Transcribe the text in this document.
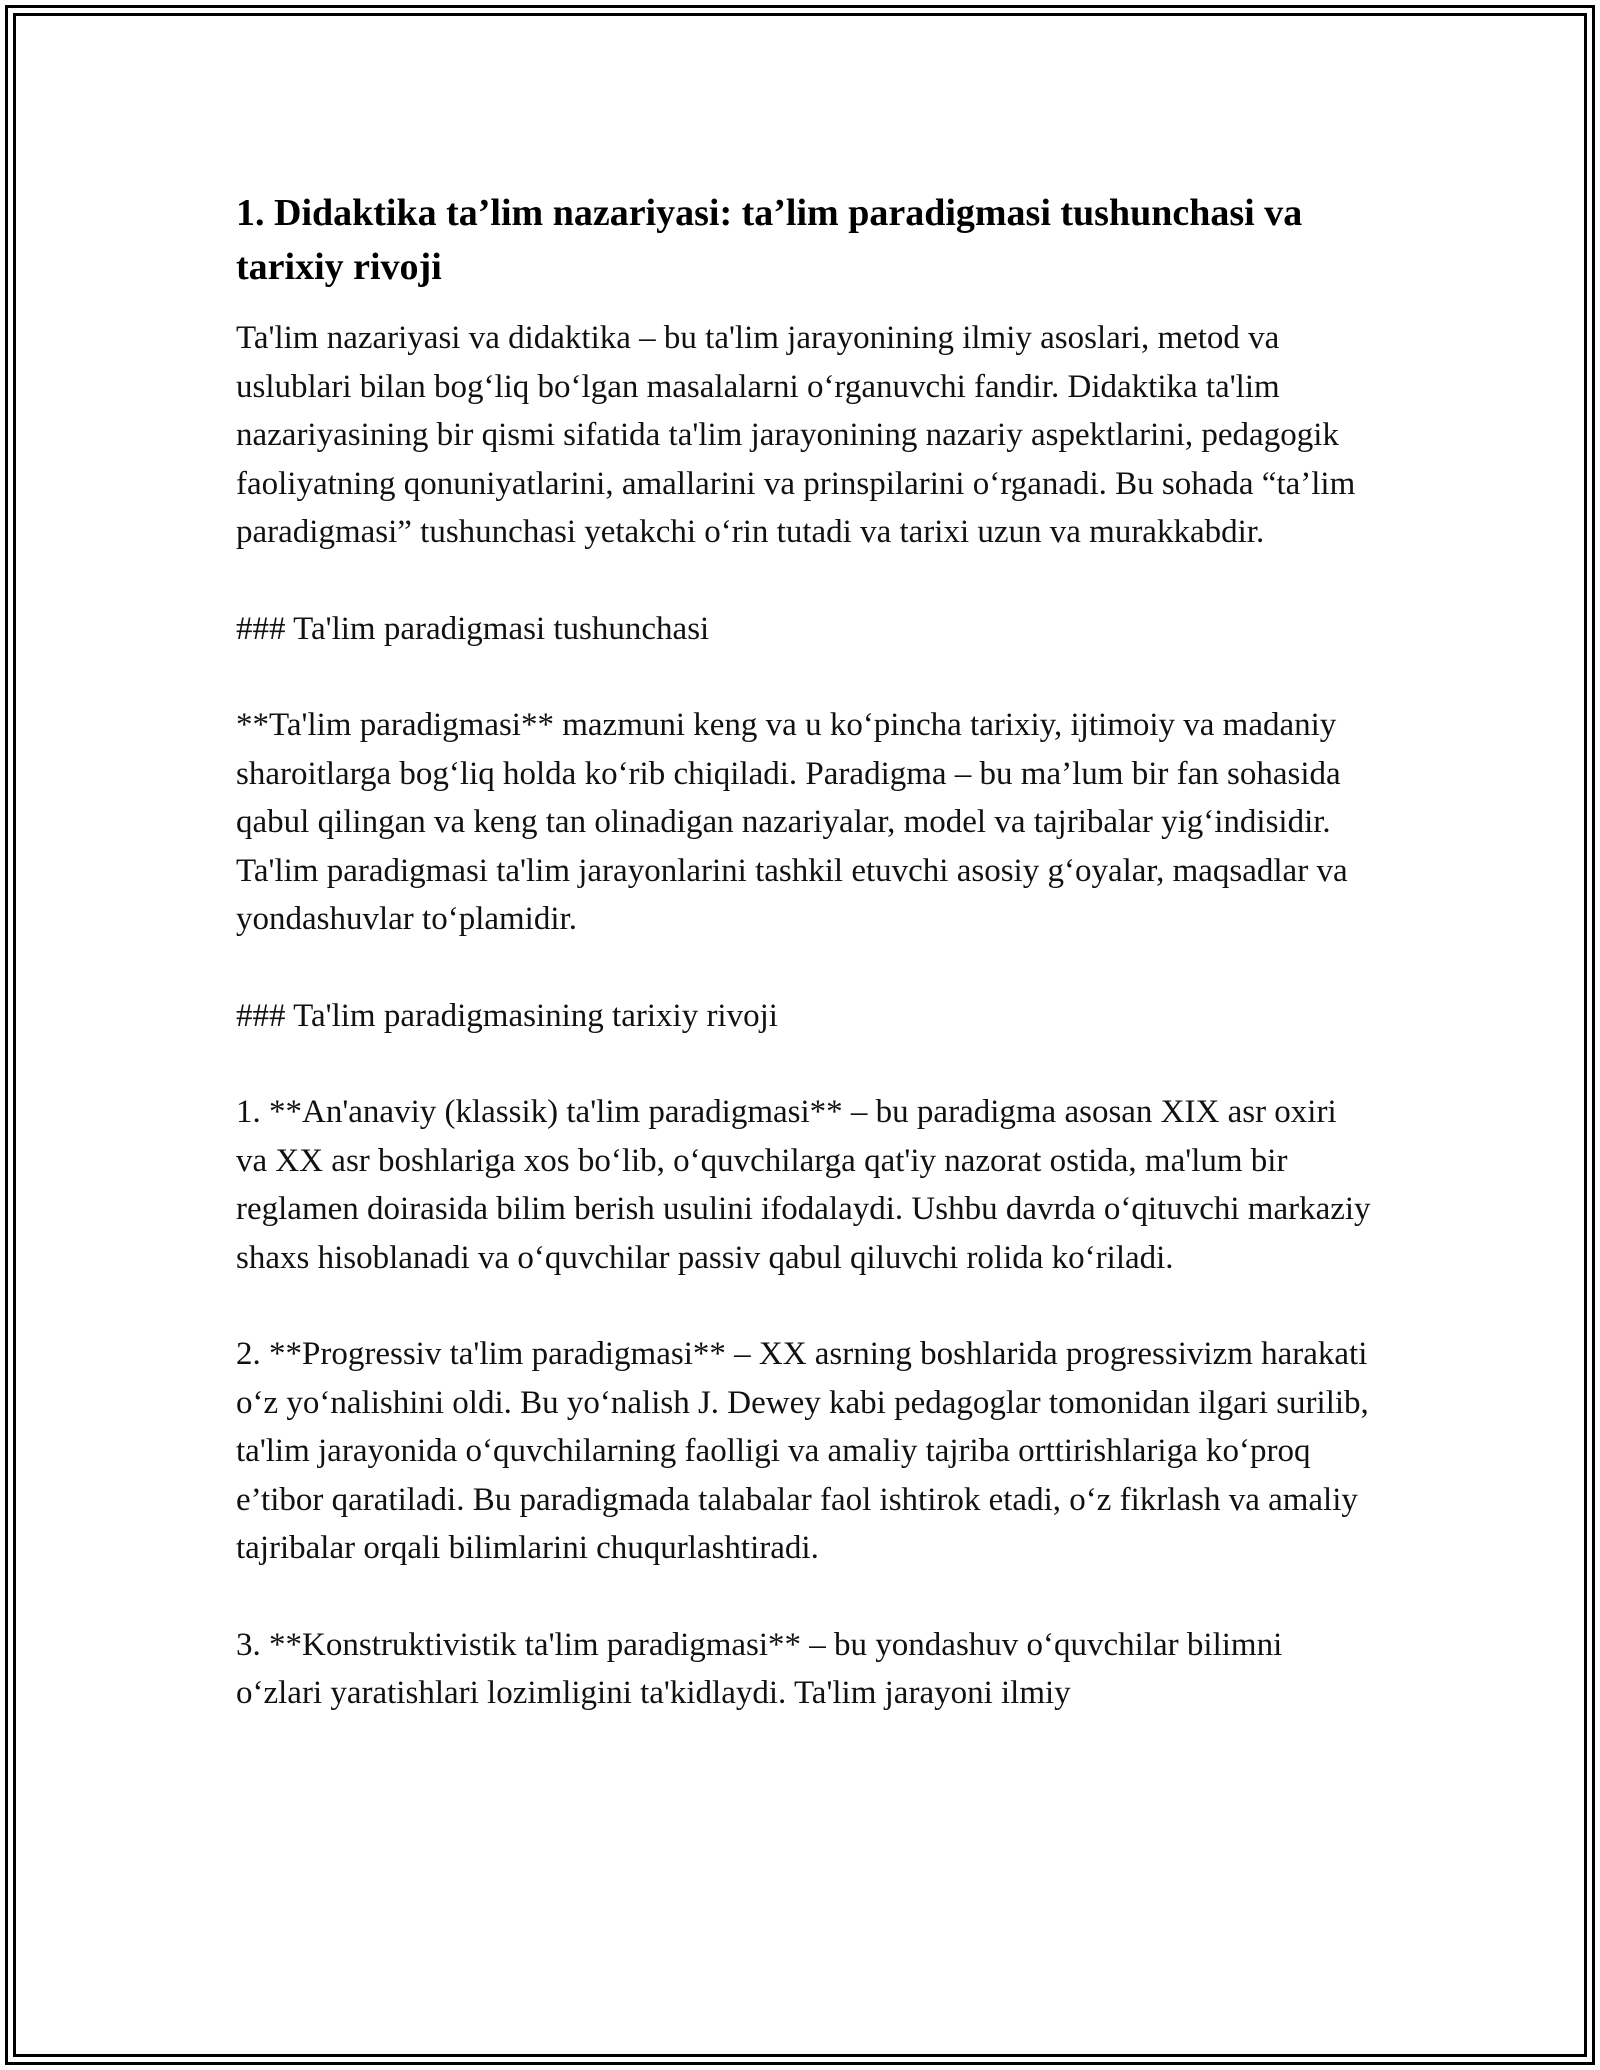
1. Didaktika ta’lim nazariyasi: ta’lim paradigmasi tushunchasi va tarixiy rivoji

Ta'lim nazariyasi va didaktika – bu ta'lim jarayonining ilmiy asoslari, metod va uslublari bilan bog‘liq bo‘lgan masalalarni o‘rganuvchi fandir. Didaktika ta'lim nazariyasining bir qismi sifatida ta'lim jarayonining nazariy aspektlarini, pedagogik faoliyatning qonuniyatlarini, amallarini va prinspilarini o‘rganadi. Bu sohada “ta’lim paradigmasi” tushunchasi yetakchi o‘rin tutadi va tarixi uzun va murakkabdir.

### Ta'lim paradigmasi tushunchasi

**Ta'lim paradigmasi** mazmuni keng va u ko‘pincha tarixiy, ijtimoiy va madaniy sharoitlarga bog‘liq holda ko‘rib chiqiladi. Paradigma – bu ma’lum bir fan sohasida qabul qilingan va keng tan olinadigan nazariyalar, model va tajribalar yig‘indisidir. Ta'lim paradigmasi ta'lim jarayonlarini tashkil etuvchi asosiy g‘oyalar, maqsadlar va yondashuvlar to‘plamidir.

### Ta'lim paradigmasining tarixiy rivoji

1. **An'anaviy (klassik) ta'lim paradigmasi** – bu paradigma asosan XIX asr oxiri va XX asr boshlariga xos bo‘lib, o‘quvchilarga qat'iy nazorat ostida, ma'lum bir reglamen doirasida bilim berish usulini ifodalaydi. Ushbu davrda o‘qituvchi markaziy shaxs hisoblanadi va o‘quvchilar passiv qabul qiluvchi rolida ko‘riladi.

2. **Progressiv ta'lim paradigmasi** – XX asrning boshlarida progressivizm harakati o‘z yo‘nalishini oldi. Bu yo‘nalish J. Dewey kabi pedagoglar tomonidan ilgari surilib, ta'lim jarayonida o‘quvchilarning faolligi va amaliy tajriba orttirishlariga ko‘proq e’tibor qaratiladi. Bu paradigmada talabalar faol ishtirok etadi, o‘z fikrlash va amaliy tajribalar orqali bilimlarini chuqurlashtiradi.

3. **Konstruktivistik ta'lim paradigmasi** – bu yondashuv o‘quvchilar bilimni o‘zlari yaratishlari lozimligini ta'kidlaydi. Ta'lim jarayoni ilmiy
